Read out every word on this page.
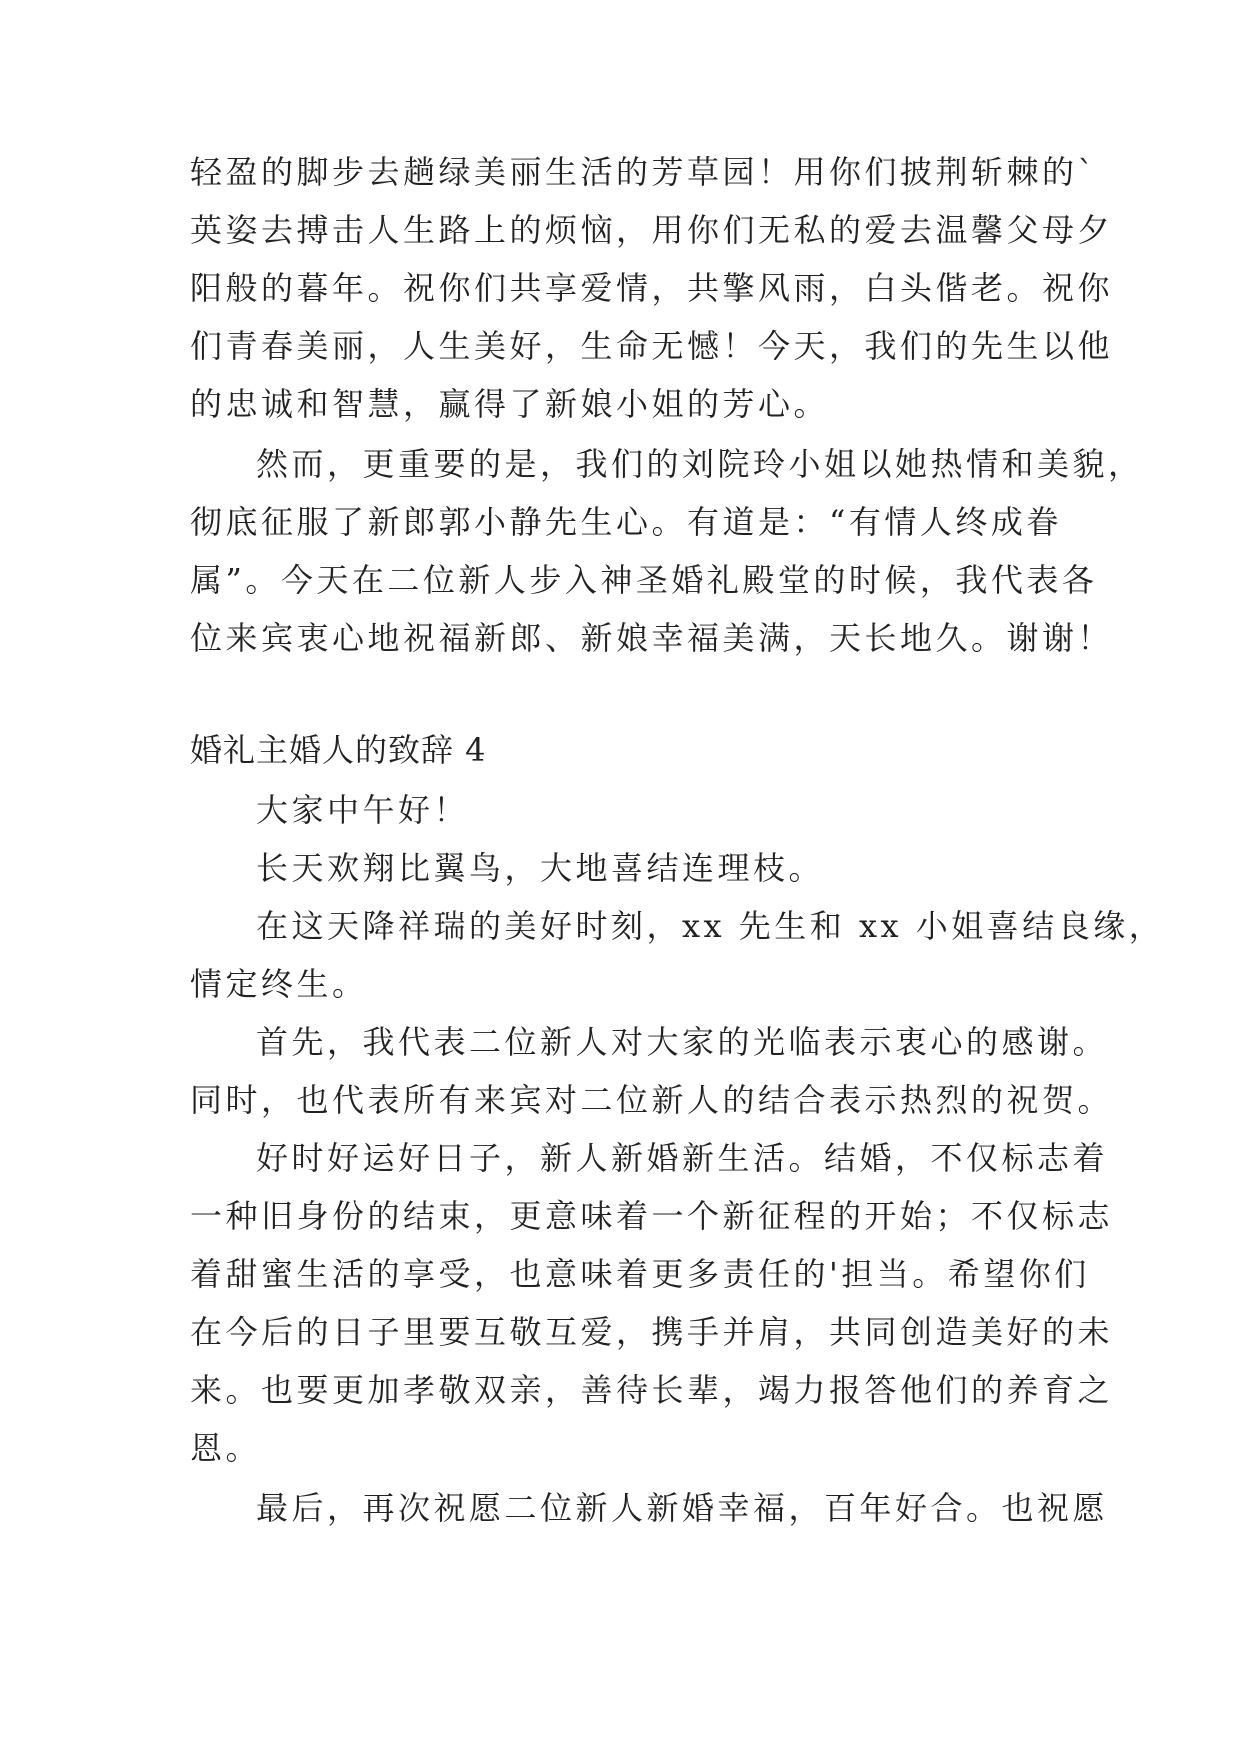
轻盈的脚步去趟绿美丽生活的芳草园！用你们披荆斩棘的`
英姿去搏击人生路上的烦恼，用你们无私的爱去温馨父母夕
阳般的暮年。祝你们共享爱情，共擎风雨，白头偕老。祝你
们青春美丽，人生美好，生命无憾！今天，我们的先生以他
的忠诚和智慧，赢得了新娘小姐的芳心。
然而，更重要的是，我们的刘院玲小姐以她热情和美貌，
彻底征服了新郎郭小静先生心。有道是：“有情人终成眷
属”。今天在二位新人步入神圣婚礼殿堂的时候，我代表各
位来宾衷心地祝福新郎、新娘幸福美满，天长地久。谢谢！
婚礼主婚人的致辞 4
大家中午好！
长天欢翔比翼鸟，大地喜结连理枝。
在这天降祥瑞的美好时刻，xx 先生和 xx 小姐喜结良缘，
情定终生。
首先，我代表二位新人对大家的光临表示衷心的感谢。
同时，也代表所有来宾对二位新人的结合表示热烈的祝贺。
好时好运好日子，新人新婚新生活。结婚，不仅标志着
一种旧身份的结束，更意味着一个新征程的开始；不仅标志
着甜蜜生活的享受，也意味着更多责任的'担当。希望你们
在今后的日子里要互敬互爱，携手并肩，共同创造美好的未
来。也要更加孝敬双亲，善待长辈，竭力报答他们的养育之
恩。
最后，再次祝愿二位新人新婚幸福，百年好合。也祝愿
